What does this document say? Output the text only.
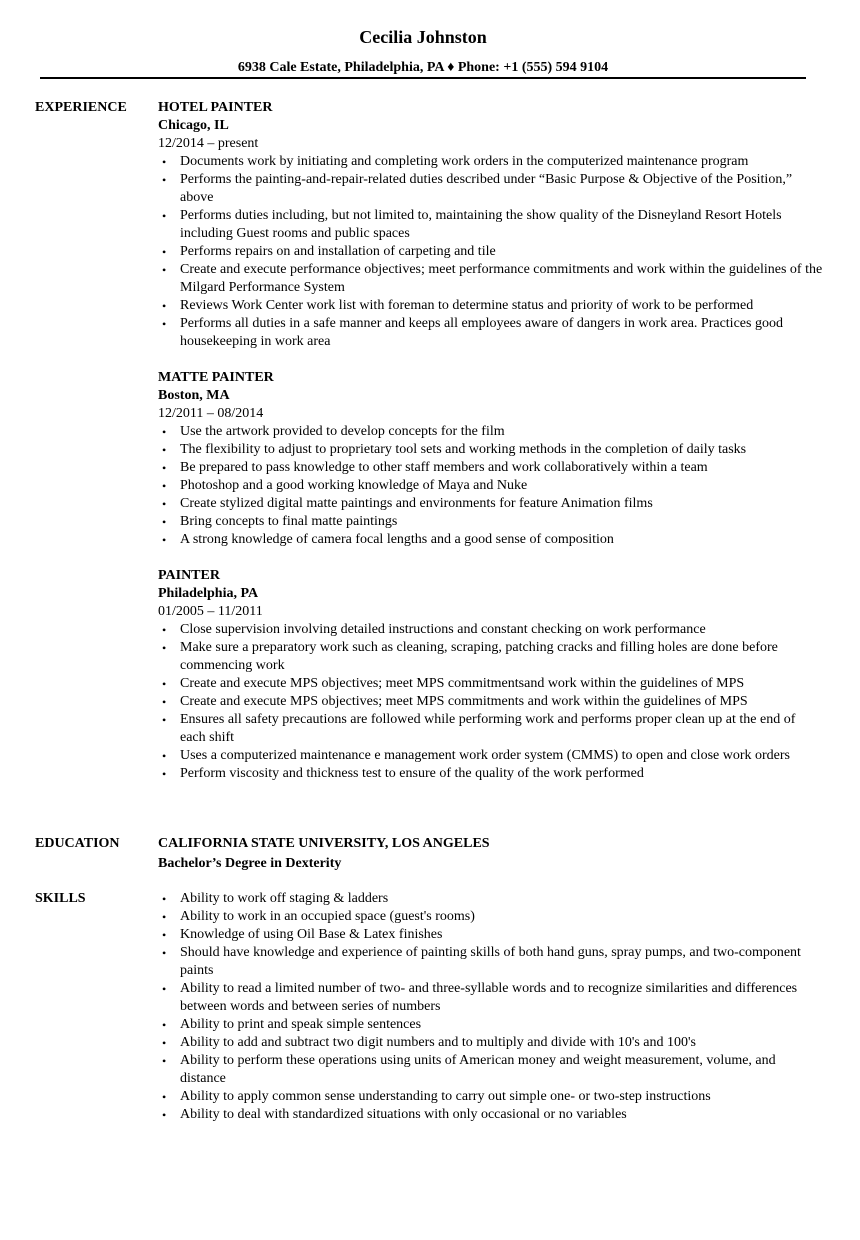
Cecilia Johnston
6938 Cale Estate, Philadelphia, PA ♦ Phone: +1 (555) 594 9104
EXPERIENCE HOTEL PAINTER
Chicago, IL
12/2014 – present
• Documents work by initiating and completing work orders in the computerized maintenance program
• Performs the painting-and-repair-related duties described under “Basic Purpose & Objective of the Position,” above
• Performs duties including, but not limited to, maintaining the show quality of the Disneyland Resort Hotels including Guest rooms and public spaces
• Performs repairs on and installation of carpeting and tile
• Create and execute performance objectives; meet performance commitments and work within the guidelines of the Milgard Performance System
• Reviews Work Center work list with foreman to determine status and priority of work to be performed
• Performs all duties in a safe manner and keeps all employees aware of dangers in work area. Practices good housekeeping in work area
MATTE PAINTER
Boston, MA
12/2011 – 08/2014
• Use the artwork provided to develop concepts for the film
• The flexibility to adjust to proprietary tool sets and working methods in the completion of daily tasks
• Be prepared to pass knowledge to other staff members and work collaboratively within a team
• Photoshop and a good working knowledge of Maya and Nuke
• Create stylized digital matte paintings and environments for feature Animation films
• Bring concepts to final matte paintings
• A strong knowledge of camera focal lengths and a good sense of composition
PAINTER
Philadelphia, PA
01/2005 – 11/2011
• Close supervision involving detailed instructions and constant checking on work performance
• Make sure a preparatory work such as cleaning, scraping, patching cracks and filling holes are done before commencing work
• Create and execute MPS objectives; meet MPS commitmentsand work within the guidelines of MPS
• Create and execute MPS objectives; meet MPS commitments and work within the guidelines of MPS
• Ensures all safety precautions are followed while performing work and performs proper clean up at the end of each shift
• Uses a computerized maintenance e management work order system (CMMS) to open and close work orders
• Perform viscosity and thickness test to ensure of the quality of the work performed
EDUCATION	CALIFORNIA STATE UNIVERSITY, LOS ANGELES
Bachelor’s Degree in Dexterity
SKILLS	• Ability to work off staging & ladders
• Ability to work in an occupied space (guest's rooms)
• Knowledge of using Oil Base & Latex finishes
• Should have knowledge and experience of painting skills of both hand guns, spray pumps, and two-component paints
• Ability to read a limited number of two- and three-syllable words and to recognize similarities and differences between words and between series of numbers
• Ability to print and speak simple sentences
• Ability to add and subtract two digit numbers and to multiply and divide with 10's and 100's
• Ability to perform these operations using units of American money and weight measurement, volume, and distance
• Ability to apply common sense understanding to carry out simple one- or two-step instructions
• Ability to deal with standardized situations with only occasional or no variables
